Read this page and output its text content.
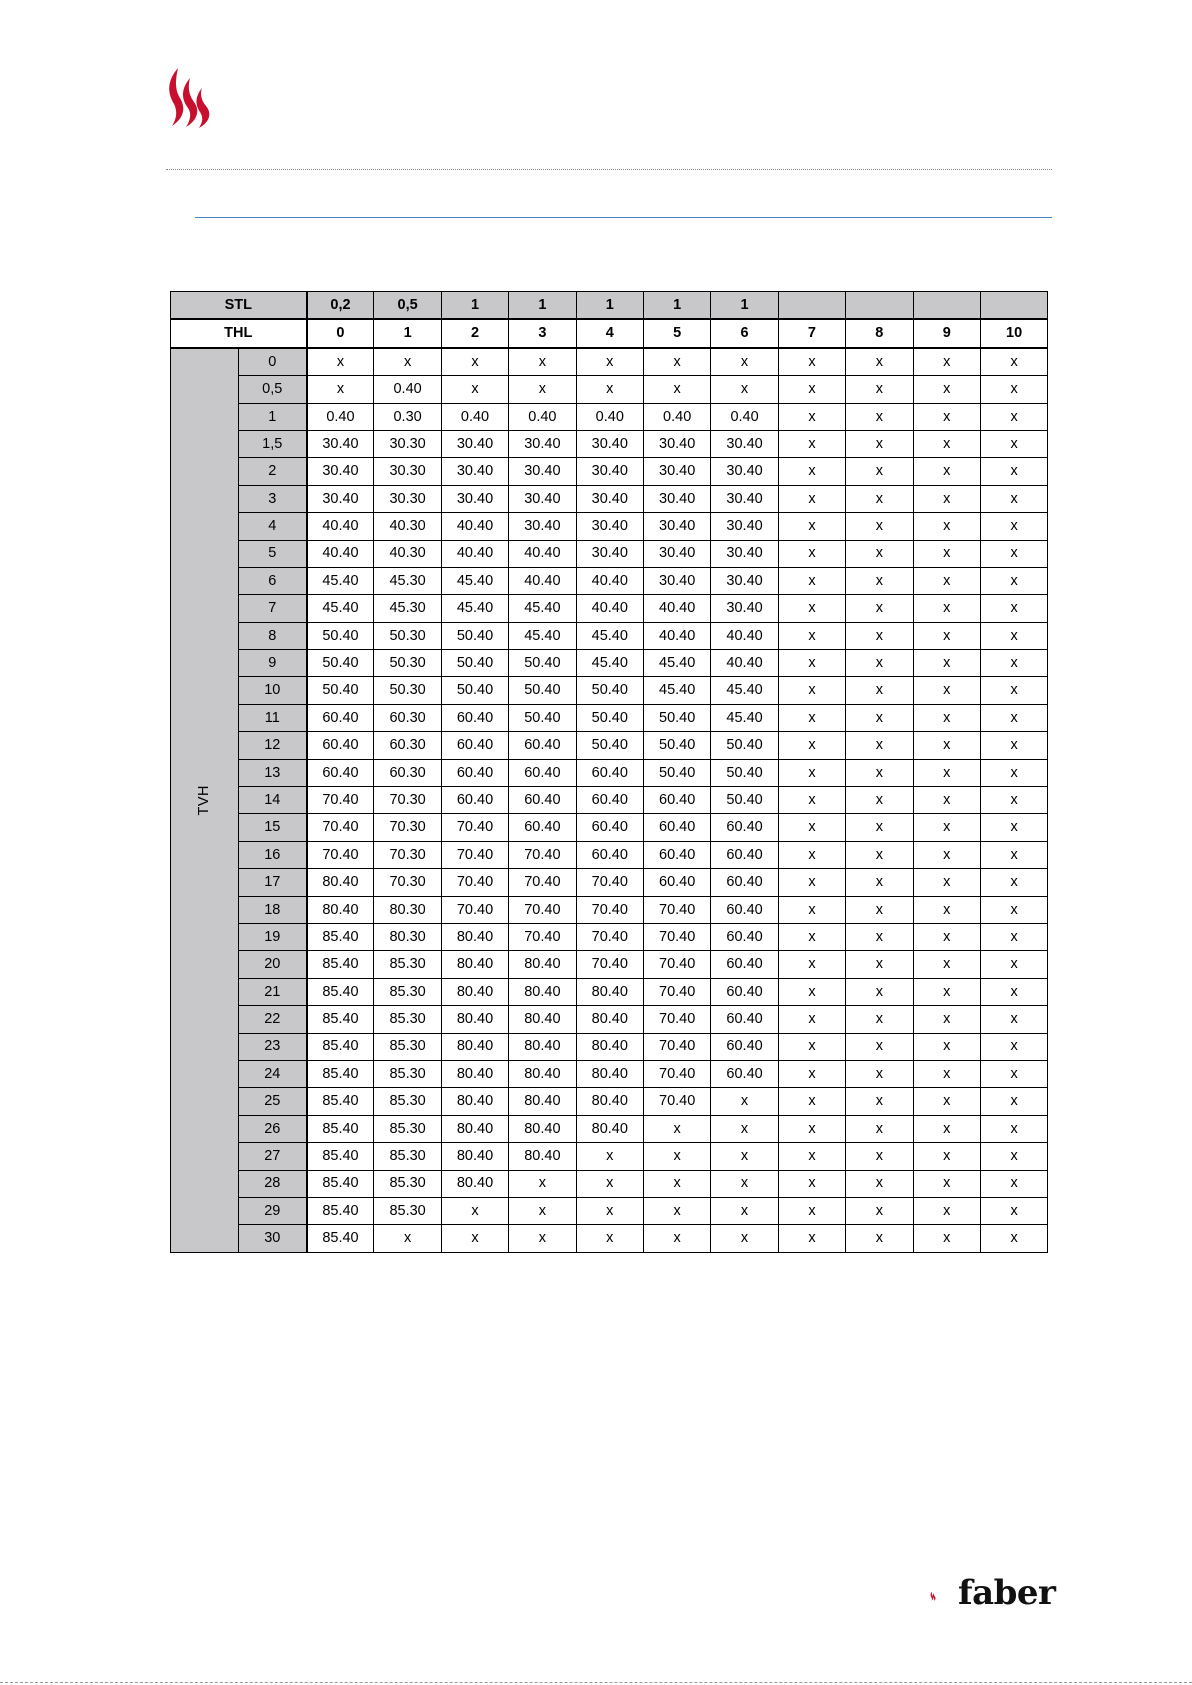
STL		0,2	0,5	1	1	1	1	1				
THL		0	1	2	3	4	5	6	7	8	9	10
TVH	0	x	x	x	x	x	x	x	x	x	x	x
	0,5	x	0.40	x	x	x	x	x	x	x	x	x
	1	0.40	0.30	0.40	0.40	0.40	0.40	0.40	x	x	x	x
	1,5	30.40	30.30	30.40	30.40	30.40	30.40	30.40	x	x	x	x
	2	30.40	30.30	30.40	30.40	30.40	30.40	30.40	x	x	x	x
	3	30.40	30.30	30.40	30.40	30.40	30.40	30.40	x	x	x	x
	4	40.40	40.30	40.40	30.40	30.40	30.40	30.40	x	x	x	x
	5	40.40	40.30	40.40	40.40	30.40	30.40	30.40	x	x	x	x
	6	45.40	45.30	45.40	40.40	40.40	30.40	30.40	x	x	x	x
	7	45.40	45.30	45.40	45.40	40.40	40.40	30.40	x	x	x	x
	8	50.40	50.30	50.40	45.40	45.40	40.40	40.40	x	x	x	x
	9	50.40	50.30	50.40	50.40	45.40	45.40	40.40	x	x	x	x
	10	50.40	50.30	50.40	50.40	50.40	45.40	45.40	x	x	x	x
	11	60.40	60.30	60.40	50.40	50.40	50.40	45.40	x	x	x	x
	12	60.40	60.30	60.40	60.40	50.40	50.40	50.40	x	x	x	x
	13	60.40	60.30	60.40	60.40	60.40	50.40	50.40	x	x	x	x
	14	70.40	70.30	60.40	60.40	60.40	60.40	50.40	x	x	x	x
	15	70.40	70.30	70.40	60.40	60.40	60.40	60.40	x	x	x	x
	16	70.40	70.30	70.40	70.40	60.40	60.40	60.40	x	x	x	x
	17	80.40	70.30	70.40	70.40	70.40	60.40	60.40	x	x	x	x
	18	80.40	80.30	70.40	70.40	70.40	70.40	60.40	x	x	x	x
	19	85.40	80.30	80.40	70.40	70.40	70.40	60.40	x	x	x	x
	20	85.40	85.30	80.40	80.40	70.40	70.40	60.40	x	x	x	x
	21	85.40	85.30	80.40	80.40	80.40	70.40	60.40	x	x	x	x
	22	85.40	85.30	80.40	80.40	80.40	70.40	60.40	x	x	x	x
	23	85.40	85.30	80.40	80.40	80.40	70.40	60.40	x	x	x	x
	24	85.40	85.30	80.40	80.40	80.40	70.40	60.40	x	x	x	x
	25	85.40	85.30	80.40	80.40	80.40	70.40	x	x	x	x	x
	26	85.40	85.30	80.40	80.40	80.40	x	x	x	x	x	x
	27	85.40	85.30	80.40	80.40	x	x	x	x	x	x	x
	28	85.40	85.30	80.40	x	x	x	x	x	x	x	x
	29	85.40	85.30	x	x	x	x	x	x	x	x	x
	30	85.40	x	x	x	x	x	x	x	x	x	x
faber
